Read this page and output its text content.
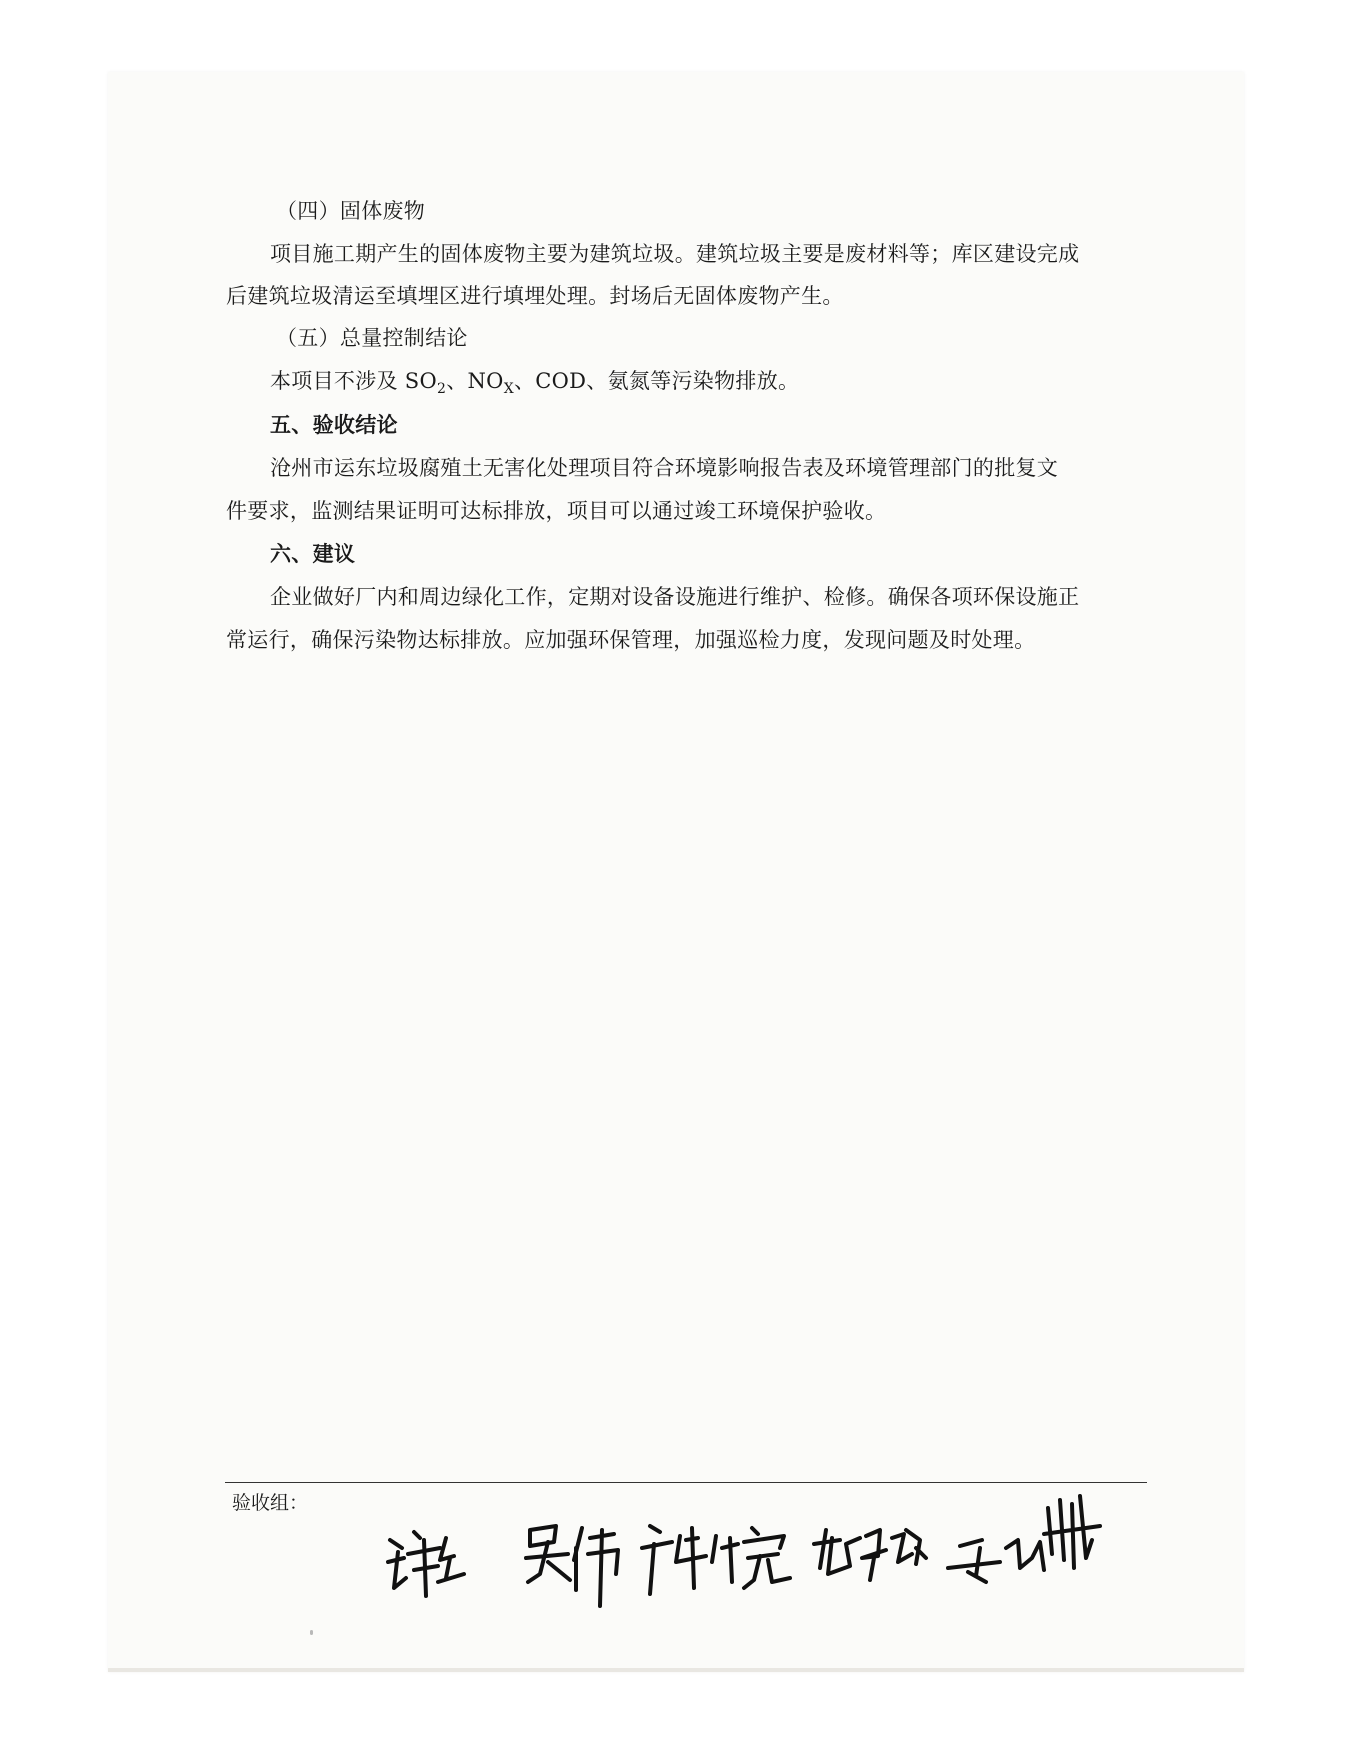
（四）固体废物
项目施工期产生的固体废物主要为建筑垃圾。建筑垃圾主要是废材料等；库区建设完成
后建筑垃圾清运至填埋区进行填埋处理。封场后无固体废物产生。
（五）总量控制结论
本项目不涉及 $SO_2$、$NO_X$、COD、氨氮等污染物排放。
五、验收结论
沧州市运东垃圾腐殖土无害化处理项目符合环境影响报告表及环境管理部门的批复文
件要求，监测结果证明可达标排放，项目可以通过竣工环境保护验收。
六、建议
企业做好厂内和周边绿化工作，定期对设备设施进行维护、检修。确保各项环保设施正
常运行，确保污染物达标排放。应加强环保管理，加强巡检力度，发现问题及时处理。
验收组：
